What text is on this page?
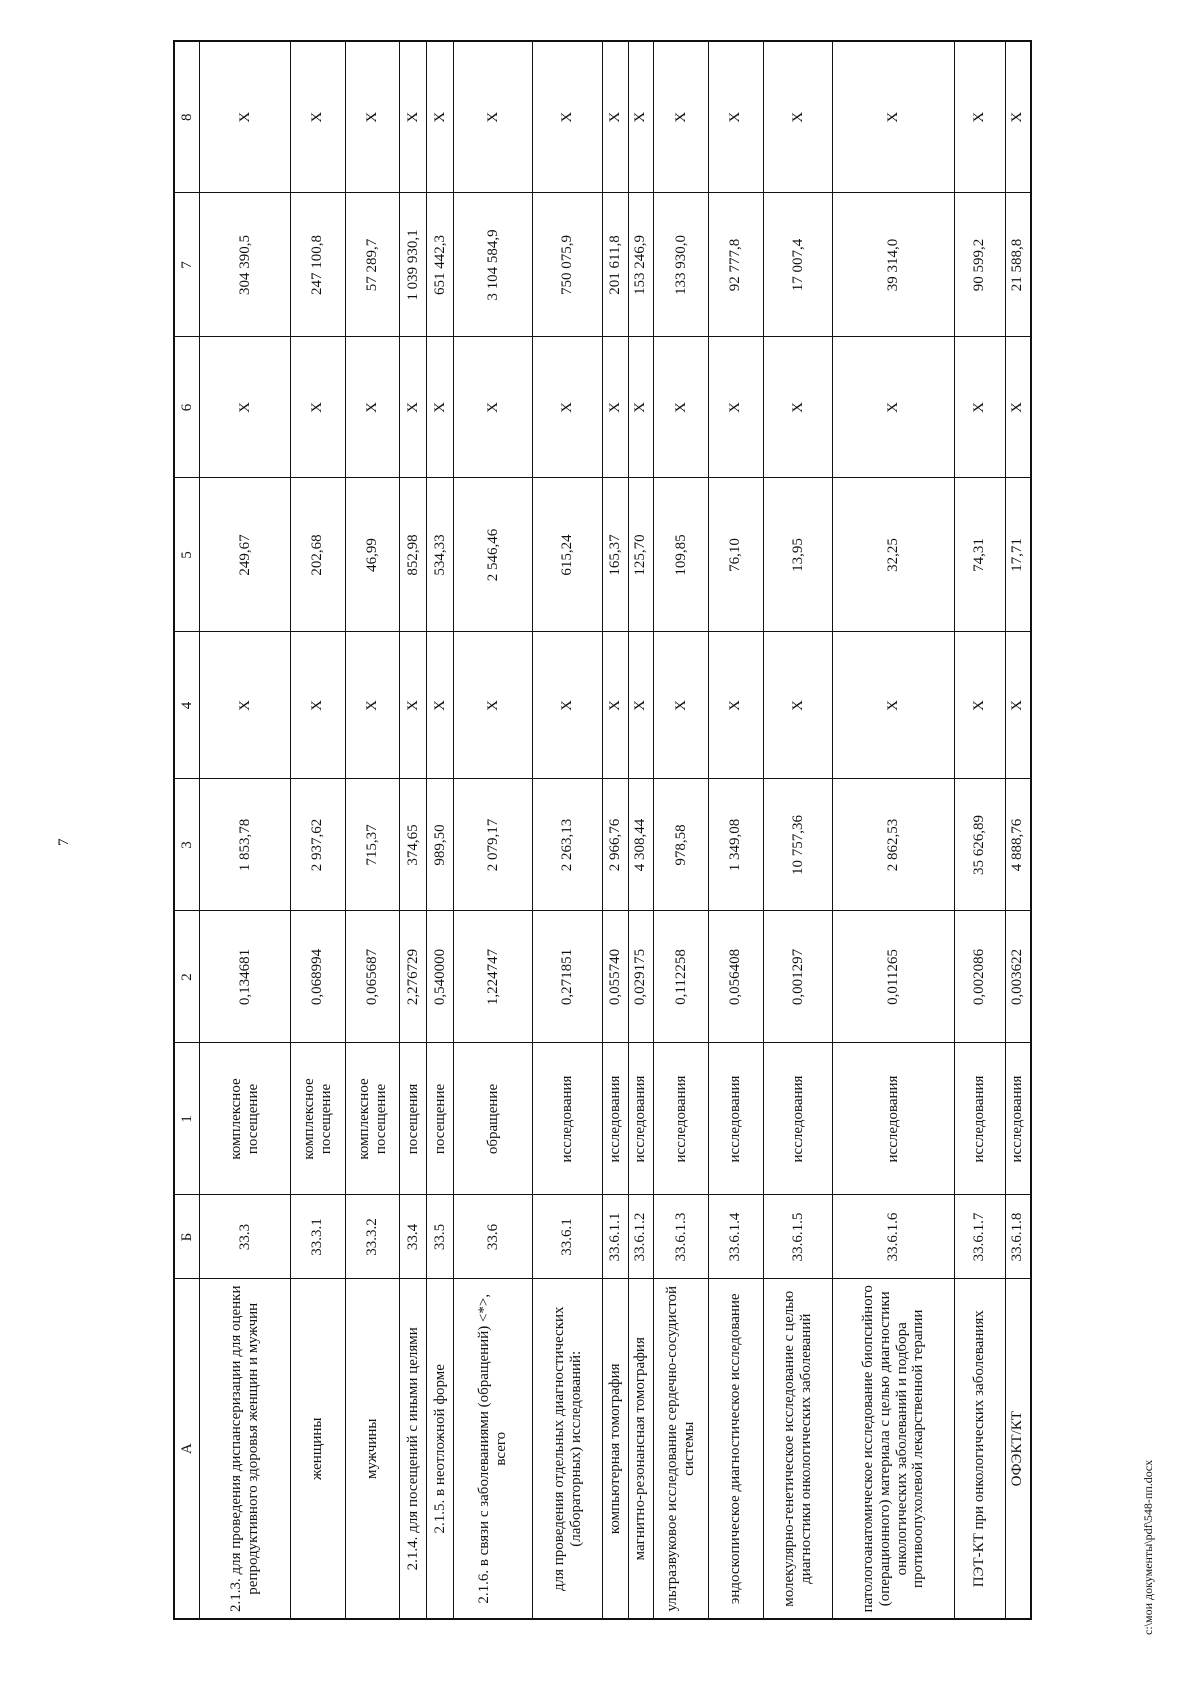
7
А	Б	1	2	3	4	5	6	7	8
2.1.3. для проведения диспансеризации для оценки репродуктивного здоровья женщин и мужчин	33.3	комплексное посещение	0,134681	1 853,78	X	249,67	X	304 390,5	X
женщины	33.3.1	комплексное посещение	0,068994	2 937,62	X	202,68	X	247 100,8	X
мужчины	33.3.2	комплексное посещение	0,065687	715,37	X	46,99	X	57 289,7	X
2.1.4. для посещений с иными целями	33.4	посещения	2,276729	374,65	X	852,98	X	1 039 930,1	X
2.1.5. в неотложной форме	33.5	посещение	0,540000	989,50	X	534,33	X	651 442,3	X
2.1.6. в связи с заболеваниями (обращений) <*>, всего	33.6	обращение	1,224747	2 079,17	X	2 546,46	X	3 104 584,9	X
для проведения отдельных диагностических (лабораторных) исследований:	33.6.1	исследования	0,271851	2 263,13	X	615,24	X	750 075,9	X
компьютерная томография	33.6.1.1	исследования	0,055740	2 966,76	X	165,37	X	201 611,8	X
магнитно-резонансная томография	33.6.1.2	исследования	0,029175	4 308,44	X	125,70	X	153 246,9	X
ультразвуковое исследование сердечно-сосудистой системы	33.6.1.3	исследования	0,112258	978,58	X	109,85	X	133 930,0	X
эндоскопическое диагностическое исследование	33.6.1.4	исследования	0,056408	1 349,08	X	76,10	X	92 777,8	X
молекулярно-генетическое исследование с целью диагностики онкологических заболеваний	33.6.1.5	исследования	0,001297	10 757,36	X	13,95	X	17 007,4	X
патологоанатомическое исследование биопсийного (операционного) материала с целью диагностики онкологических заболеваний и подбора противоопухолевой лекарственной терапии	33.6.1.6	исследования	0,011265	2 862,53	X	32,25	X	39 314,0	X
ПЭТ-КТ при онкологических заболеваниях	33.6.1.7	исследования	0,002086	35 626,89	X	74,31	X	90 599,2	X
ОФЭКТ/КТ	33.6.1.8	исследования	0,003622	4 888,76	X	17,71	X	21 588,8	X
c:\мои документы\pdf\548-пп.docx
